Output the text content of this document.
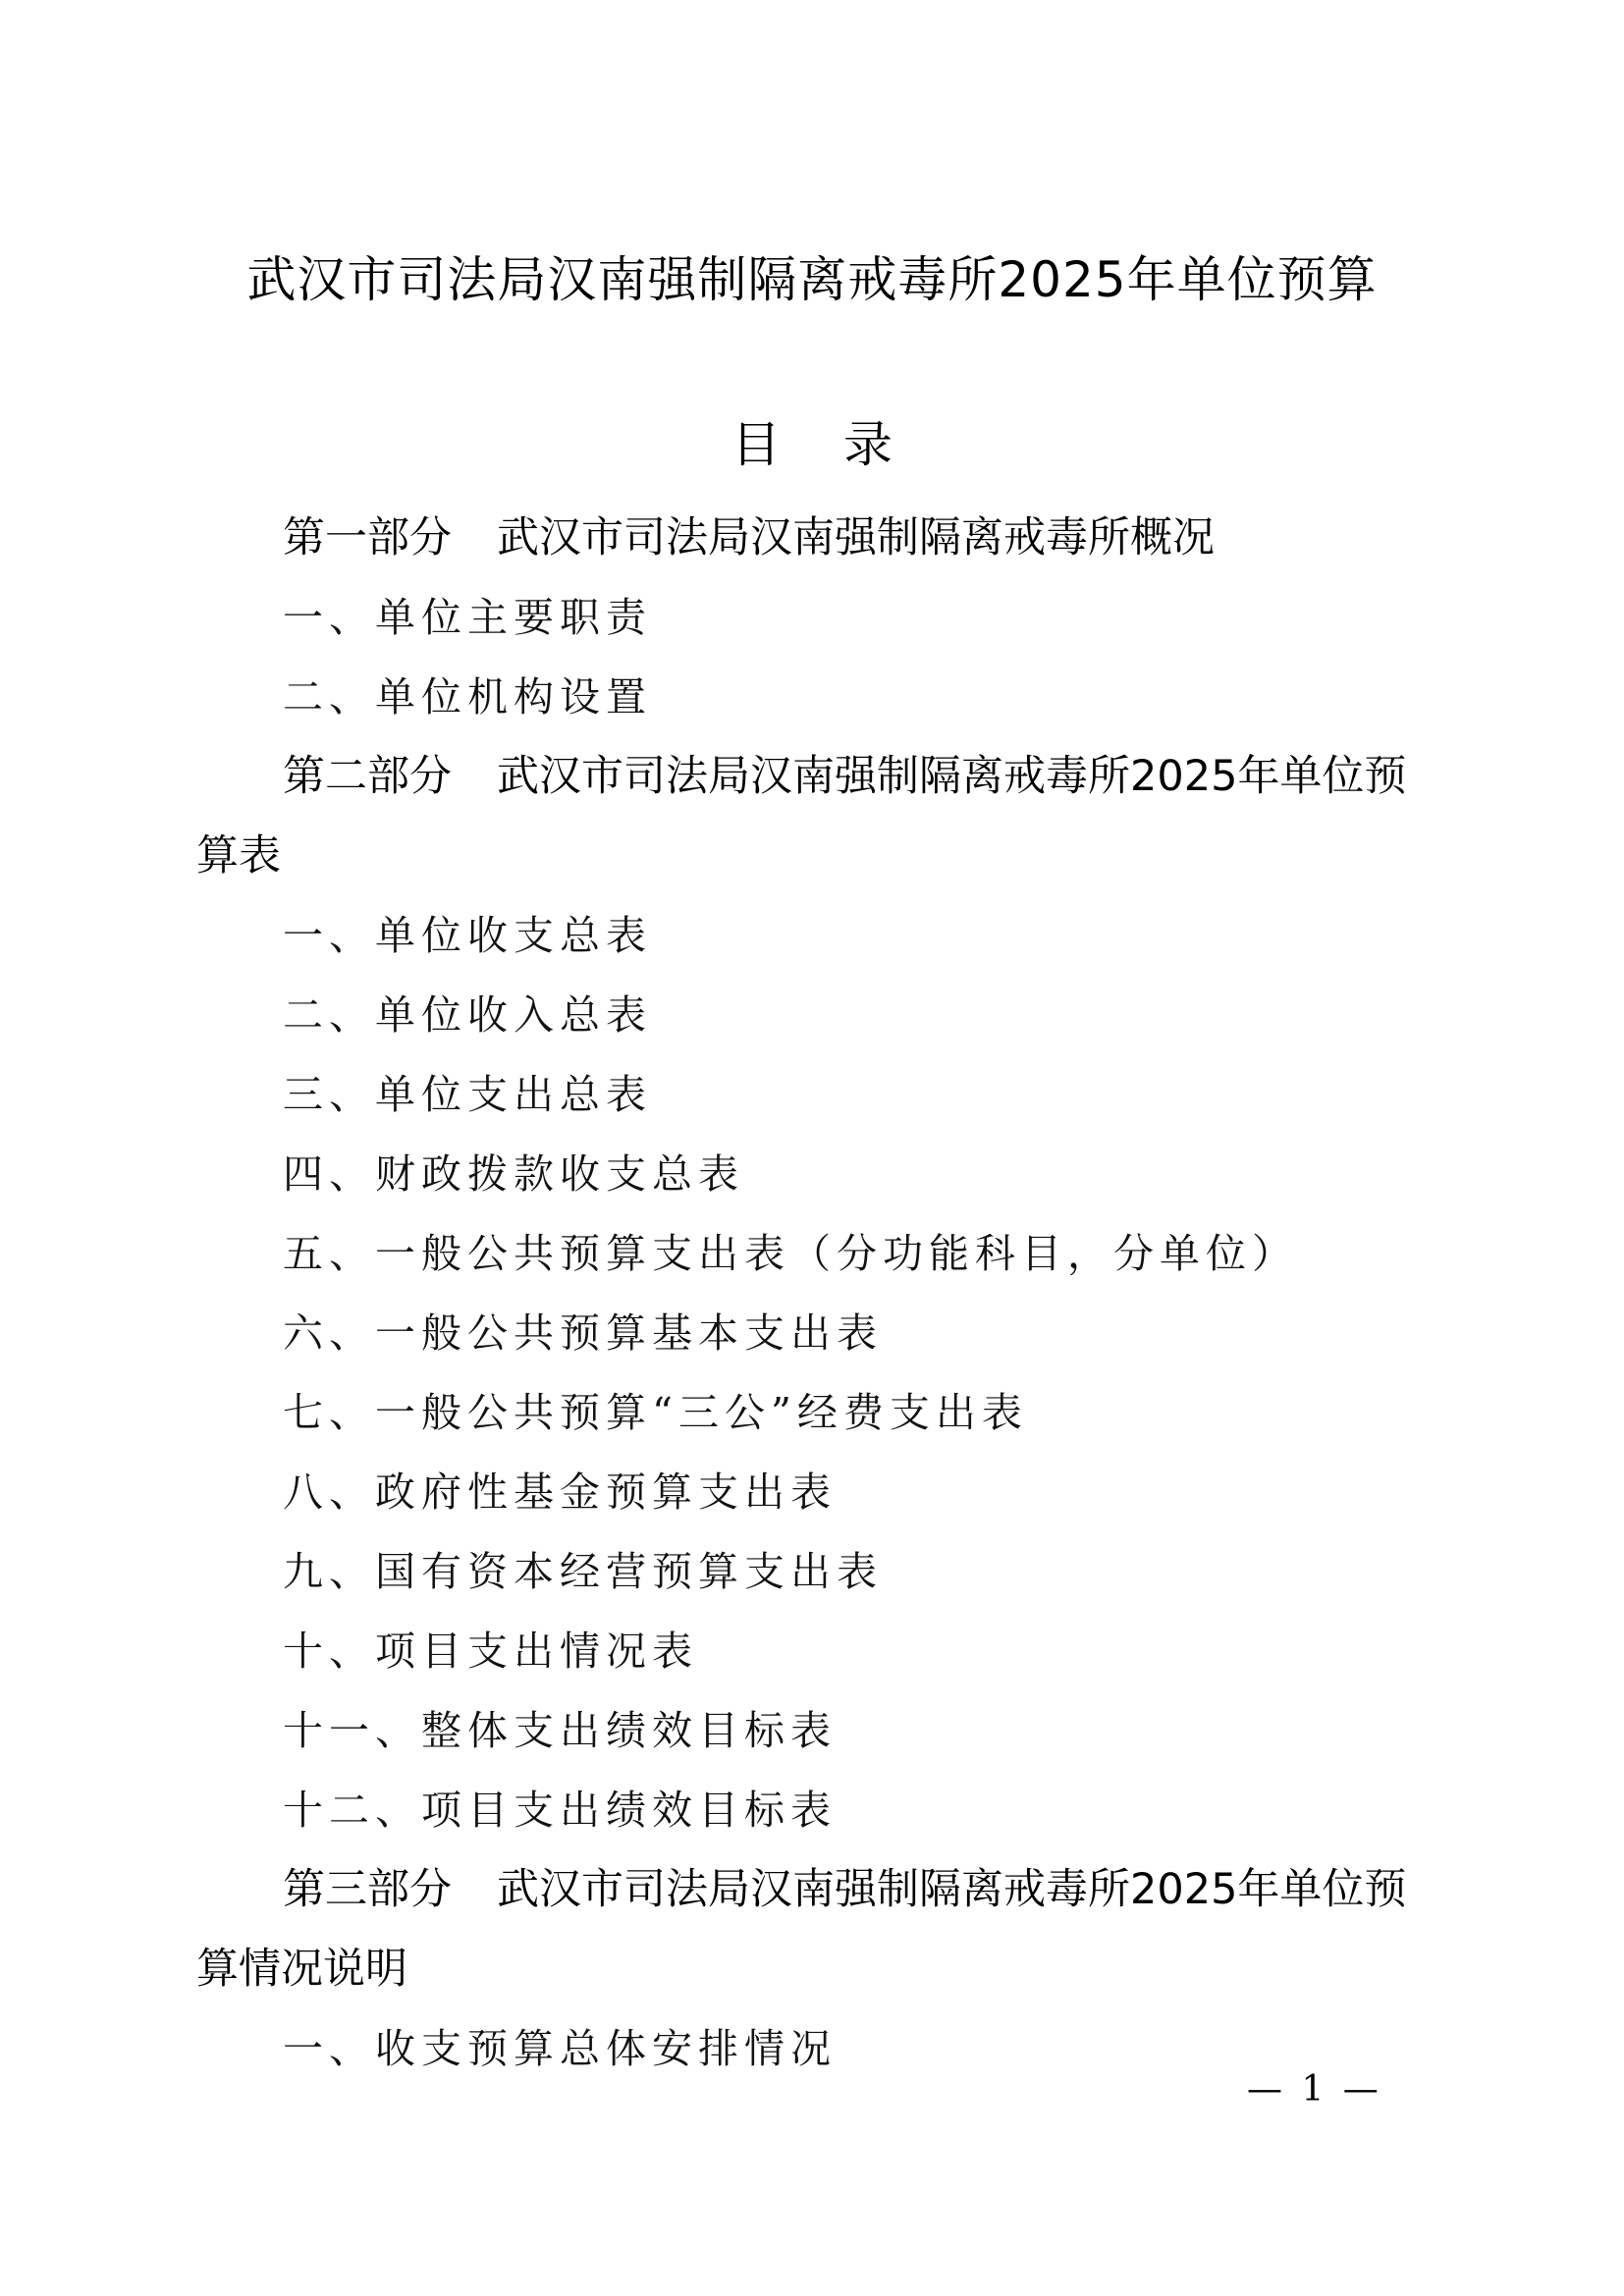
武汉市司法局汉南强制隔离戒毒所2025年单位预算
目 录
第一部分 武汉市司法局汉南强制隔离戒毒所概况
一、单位主要职责
二、单位机构设置
第二部分 武汉市司法局汉南强制隔离戒毒所2025年单位预
算表
一、单位收支总表
二、单位收入总表
三、单位支出总表
四、财政拨款收支总表
五、一般公共预算支出表（分功能科目，分单位）
六、一般公共预算基本支出表
七、一般公共预算“三公”经费支出表
八、政府性基金预算支出表
九、国有资本经营预算支出表
十、项目支出情况表
十一、整体支出绩效目标表
十二、项目支出绩效目标表
第三部分 武汉市司法局汉南强制隔离戒毒所2025年单位预
算情况说明
一、收支预算总体安排情况
— 1 —
